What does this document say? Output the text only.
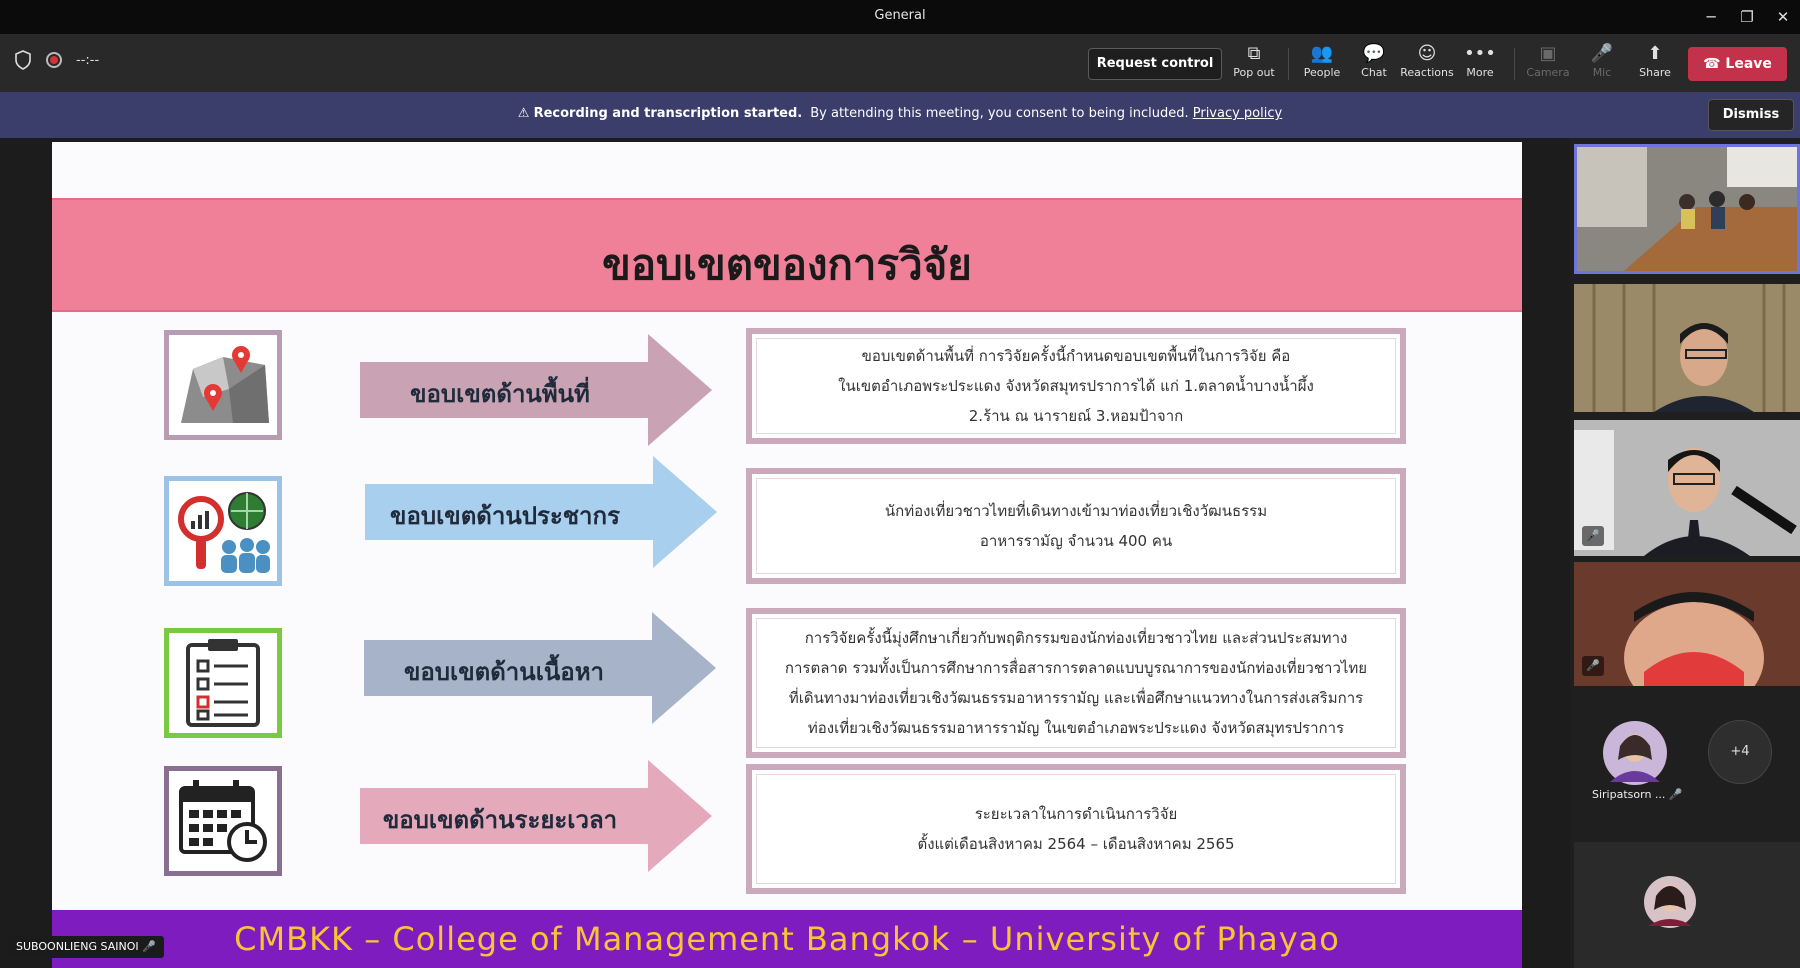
General	─	❐	✕
--:--	Request control	⧉
Pop out
👥
People
💬
Chat
☺
Reactions
•••
More
▣
Camera
🎤
Mic
⬆
Share
☎ Leave
⚠ Recording and transcription started. By attending this meeting, you consent to being included. Privacy policy	Dismiss
ขอบเขตของการวิจัย
ขอบเขตด้านพื้นที่
ขอบเขตด้านพื้นที่ การวิจัยครั้งนี้กำหนดขอบเขตพื้นที่ในการวิจัย คือ
ในเขตอำเภอพระประแดง จังหวัดสมุทรปราการได้ แก่ 1.ตลาดน้ำบางน้ำผึ้ง
2.ร้าน ณ นารายณ์ 3.หอมป้าจาก
ขอบเขตด้านประชากร	นักท่องเที่ยวชาวไทยที่เดินทางเข้ามาท่องเที่ยวเชิงวัฒนธรรม
อาหารรามัญ จำนวน 400 คน
ขอบเขตด้านเนื้อหา
การวิจัยครั้งนี้มุ่งศึกษาเกี่ยวกับพฤติกรรมของนักท่องเที่ยวชาวไทย และส่วนประสมทาง
การตลาด รวมทั้งเป็นการศึกษาการสื่อสารการตลาดแบบบูรณาการของนักท่องเที่ยวชาวไทย
ที่เดินทางมาท่องเที่ยวเชิงวัฒนธรรมอาหารรามัญ และเพื่อศึกษาแนวทางในการส่งเสริมการ
ท่องเที่ยวเชิงวัฒนธรรมอาหารรามัญ ในเขตอำเภอพระประแดง จังหวัดสมุทรปราการ
ขอบเขตด้านระยะเวลา	ระยะเวลาในการดำเนินการวิจัย
ตั้งแต่เดือนสิงหาคม 2564 – เดือนสิงหาคม 2565
CMBKK – College of Management Bangkok – University of Phayao
SUBOONLIENG SAINOI 🎤
🎤
🎤
Siripatsorn ... 🎤
+4
